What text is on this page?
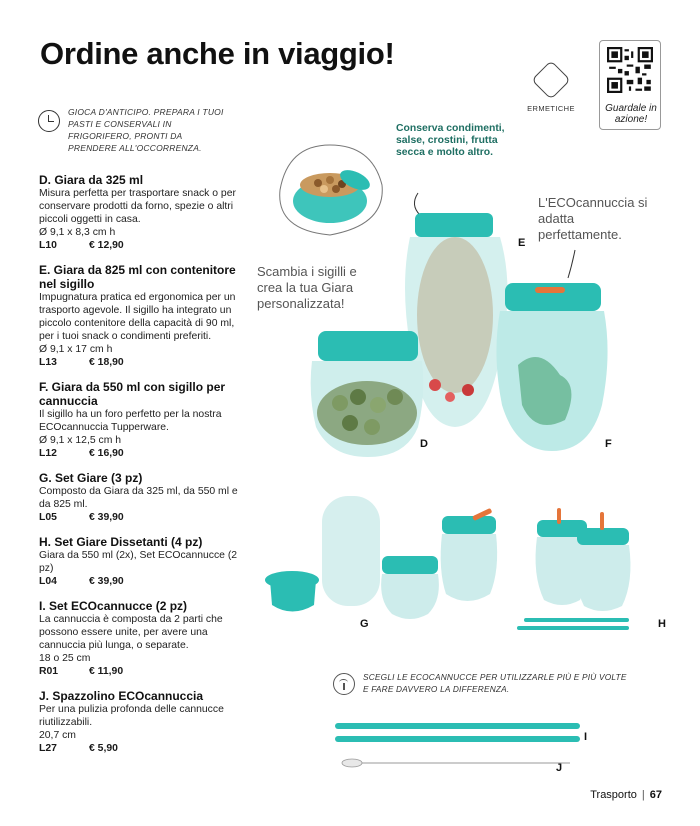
Ordine anche in viaggio!
GIOCA D'ANTICIPO. PREPARA I TUOI PASTI E CONSERVALI IN FRIGORIFERO, PRONTI DA PRENDERE ALL'OCCORRENZA.
D. Giara da 325 ml
Misura perfetta per trasportare snack o per conservare prodotti da forno, spezie o altri piccoli oggetti in casa.
Ø 9,1 x 8,3 cm h
L10	€ 12,90
E. Giara da 825 ml con contenitore nel sigillo
Impugnatura pratica ed ergonomica per un trasporto agevole. Il sigillo ha integrato un piccolo contenitore della capacità di 90 ml, per i tuoi snack o condimenti preferiti.
Ø 9,1 x 17 cm h
L13	€ 18,90
F. Giara da 550 ml con sigillo per cannuccia
Il sigillo ha un foro perfetto per la nostra ECOcannuccia Tupperware.
Ø 9,1 x 12,5 cm h
L12	€ 16,90
G. Set Giare (3 pz)
Composto da Giara da 325 ml, da 550 ml e da 825 ml.
L05	€ 39,90
H. Set Giare Dissetanti (4 pz)
Giara da 550 ml (2x), Set ECOcannucce (2 pz)
L04	€ 39,90
I. Set ECOcannucce (2 pz)
La cannuccia è composta da 2 parti che possono essere unite, per avere una cannuccia più lunga, o separate.
18 o 25 cm
R01	€ 11,90
J. Spazzolino ECOcannuccia
Per una pulizia profonda delle cannucce riutilizzabili.
20,7 cm
L27	€ 5,90
ERMETICHE	Guardale in azione!
Conserva condimenti, salse, crostini, frutta secca e molto altro.
L'ECOcannuccia si adatta perfettamente.
Scambia i sigilli e crea la tua Giara personalizzata!
E
D	F
G	H
SCEGLI LE ECOCANNUCCE PER UTILIZZARLE PIÙ E PIÙ VOLTE E FARE DAVVERO LA DIFFERENZA.
I
J
Trasporto | 67
